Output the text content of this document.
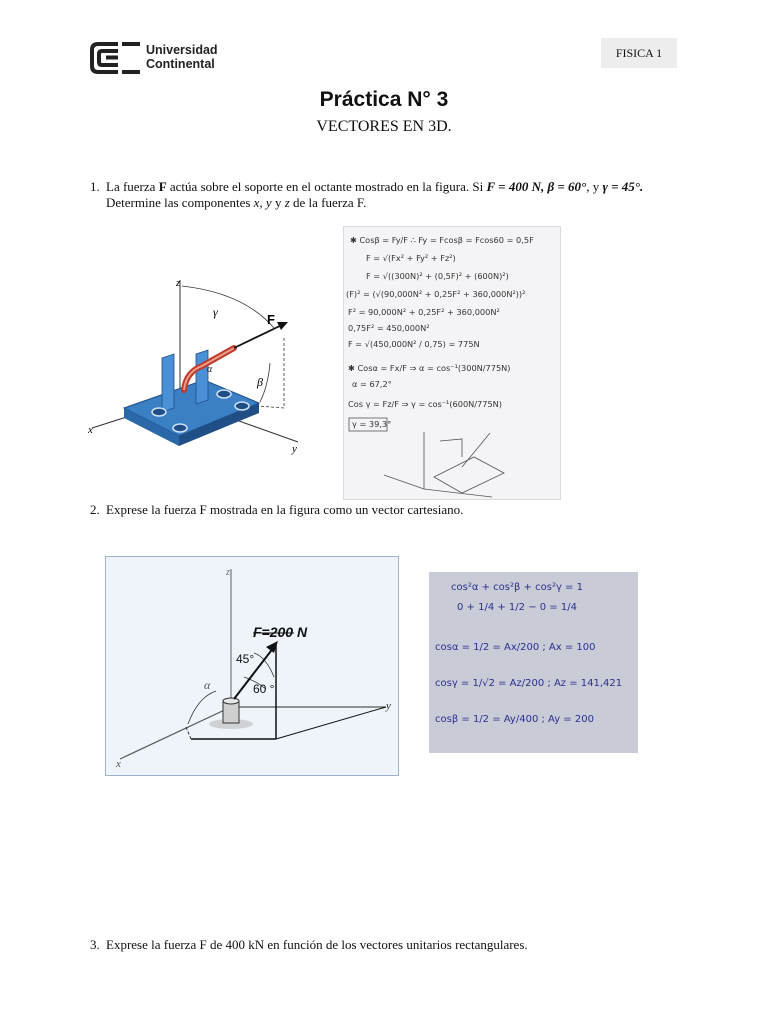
Universidad
Continental
FISICA 1
Práctica N° 3
VECTORES EN 3D.
1. La fuerza F actúa sobre el soporte en el octante mostrado en la figura. Si F = 400 N, β = 60°, y γ = 45°. Determine las componentes x, y y z de la fuerza F.
F
z
x
y
γ
β
α
✱ Cosβ = Fy/F ∴ Fy = Fcosβ = Fcos60 = 0,5F
F = √(Fx² + Fy² + Fz²)
F = √((300N)² + (0,5F)² + (600N)²)
(F)² = (√(90,000N² + 0,25F² + 360,000N²))²
F² = 90,000N² + 0,25F² + 360,000N²
0,75F² = 450,000N²
F = √(450,000N² / 0,75) = 775N
✱ Cosα = Fx/F ⇒ α = cos⁻¹(300N/775N)
α = 67,2°
Cos γ = Fz/F ⇒ γ = cos⁻¹(600N/775N)
γ = 39,3°
2. Exprese la fuerza F mostrada en la figura como un vector cartesiano.
F=200 N
45°
60 °
α
z
y
x
cos²α + cos²β + cos²γ = 1
0 + 1/4 + 1/2 − 0 = 1/4
cosα = 1/2 = Ax/200 ; Ax = 100
cosγ = 1/√2 = Az/200 ; Az = 141,421
cosβ = 1/2 = Ay/400 ; Ay = 200
3. Exprese la fuerza F de 400 kN en función de los vectores unitarios rectangulares.
